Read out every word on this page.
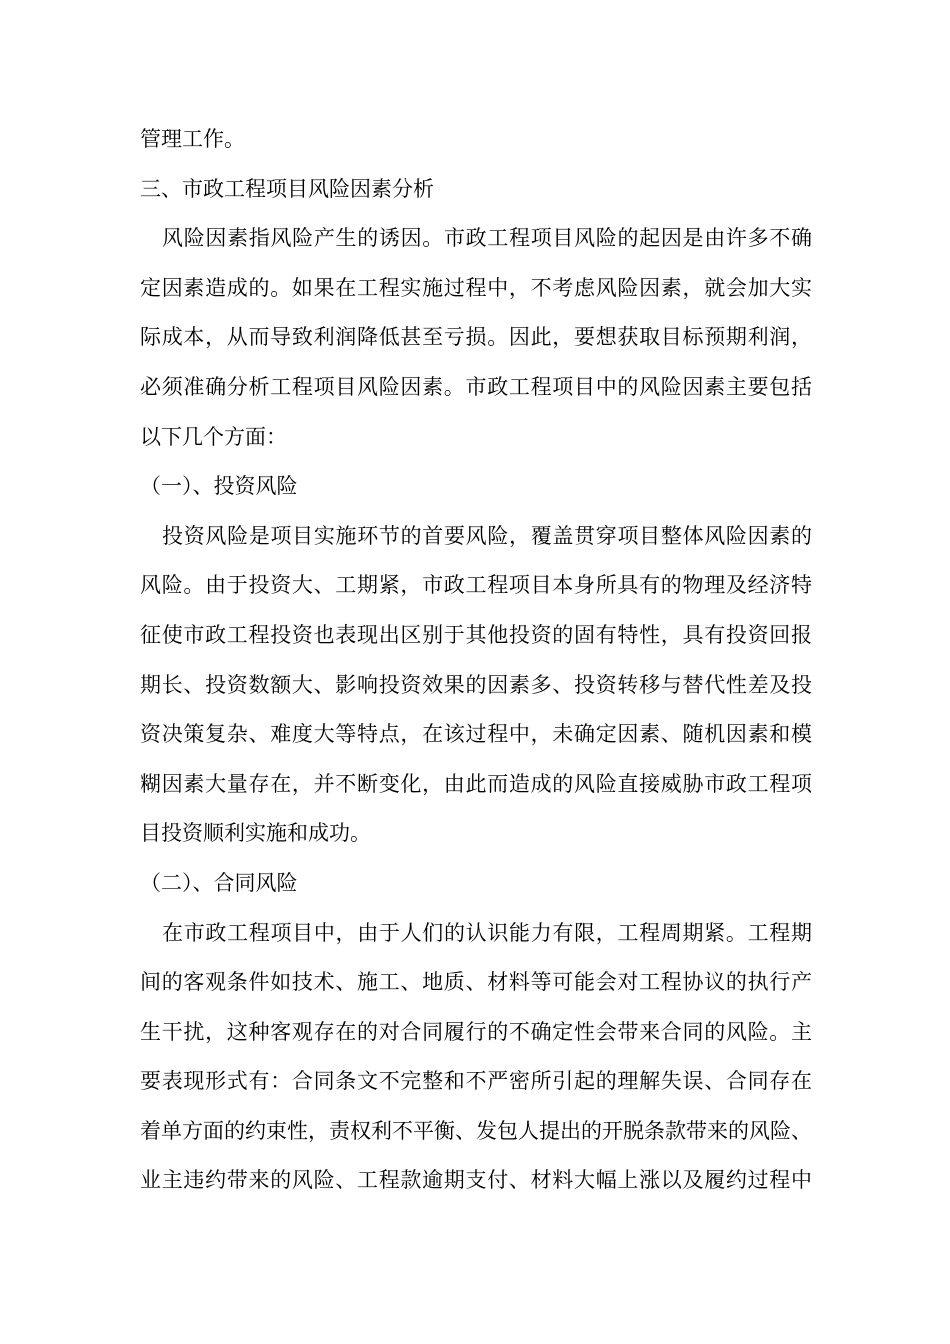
管理工作。
三、市政工程项目风险因素分析
风险因素指风险产生的诱因。市政工程项目风险的起因是由许多不确
定因素造成的。如果在工程实施过程中，不考虑风险因素，就会加大实
际成本，从而导致利润降低甚至亏损。因此，要想获取目标预期利润，
必须准确分析工程项目风险因素。市政工程项目中的风险因素主要包括
以下几个方面：
（一）、投资风险
投资风险是项目实施环节的首要风险，覆盖贯穿项目整体风险因素的
风险。由于投资大、工期紧，市政工程项目本身所具有的物理及经济特
征使市政工程投资也表现出区别于其他投资的固有特性，具有投资回报
期长、投资数额大、影响投资效果的因素多、投资转移与替代性差及投
资决策复杂、难度大等特点，在该过程中，未确定因素、随机因素和模
糊因素大量存在，并不断变化，由此而造成的风险直接威胁市政工程项
目投资顺利实施和成功。
（二）、合同风险
在市政工程项目中，由于人们的认识能力有限，工程周期紧。工程期
间的客观条件如技术、施工、地质、材料等可能会对工程协议的执行产
生干扰，这种客观存在的对合同履行的不确定性会带来合同的风险。主
要表现形式有：合同条文不完整和不严密所引起的理解失误、合同存在
着单方面的约束性，责权利不平衡、发包人提出的开脱条款带来的风险、
业主违约带来的风险、工程款逾期支付、材料大幅上涨以及履约过程中
